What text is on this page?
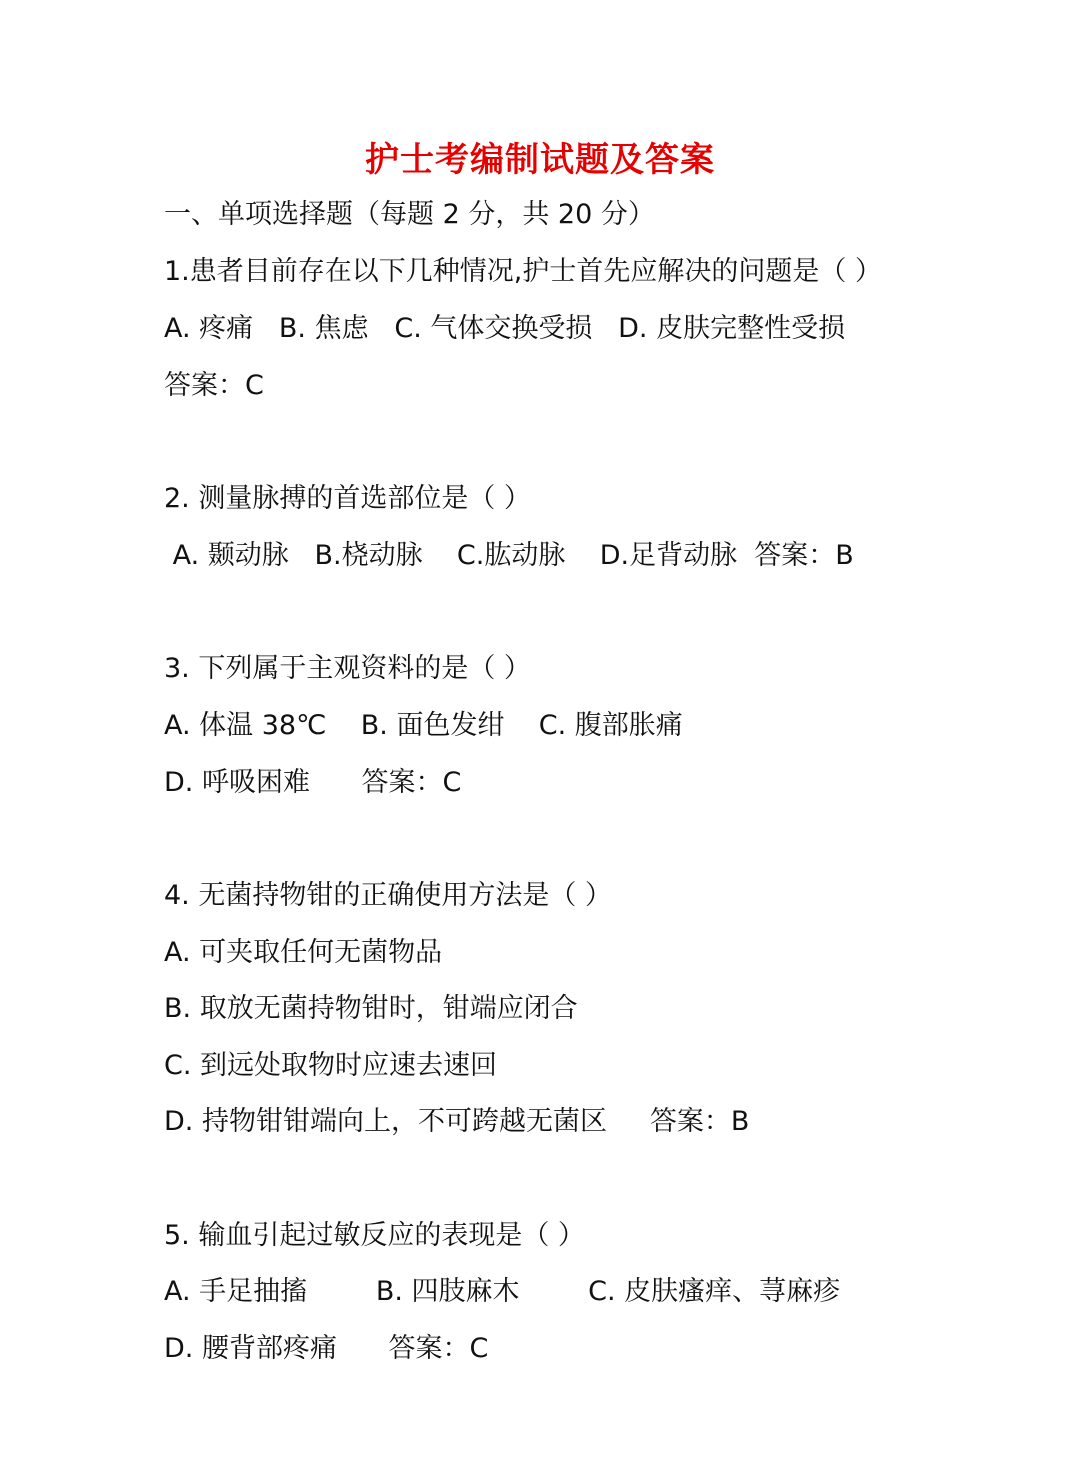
护士考编制试题及答案
一、单项选择题（每题 2 分，共 20 分）
1.患者目前存在以下几种情况,护士首先应解决的问题是（ ）
A. 疼痛   B. 焦虑   C. 气体交换受损   D. 皮肤完整性受损
答案：C
2. 测量脉搏的首选部位是（ ）
A. 颞动脉   B.桡动脉    C.肱动脉    D.足背动脉  答案：B
3. 下列属于主观资料的是（ ）
A. 体温 38℃    B. 面色发绀    C. 腹部胀痛
D. 呼吸困难      答案：C
4. 无菌持物钳的正确使用方法是（ ）
A. 可夹取任何无菌物品
B. 取放无菌持物钳时，钳端应闭合
C. 到远处取物时应速去速回
D. 持物钳钳端向上，不可跨越无菌区     答案：B
5. 输血引起过敏反应的表现是（ ）
A. 手足抽搐        B. 四肢麻木        C. 皮肤瘙痒、荨麻疹
D. 腰背部疼痛      答案：C
